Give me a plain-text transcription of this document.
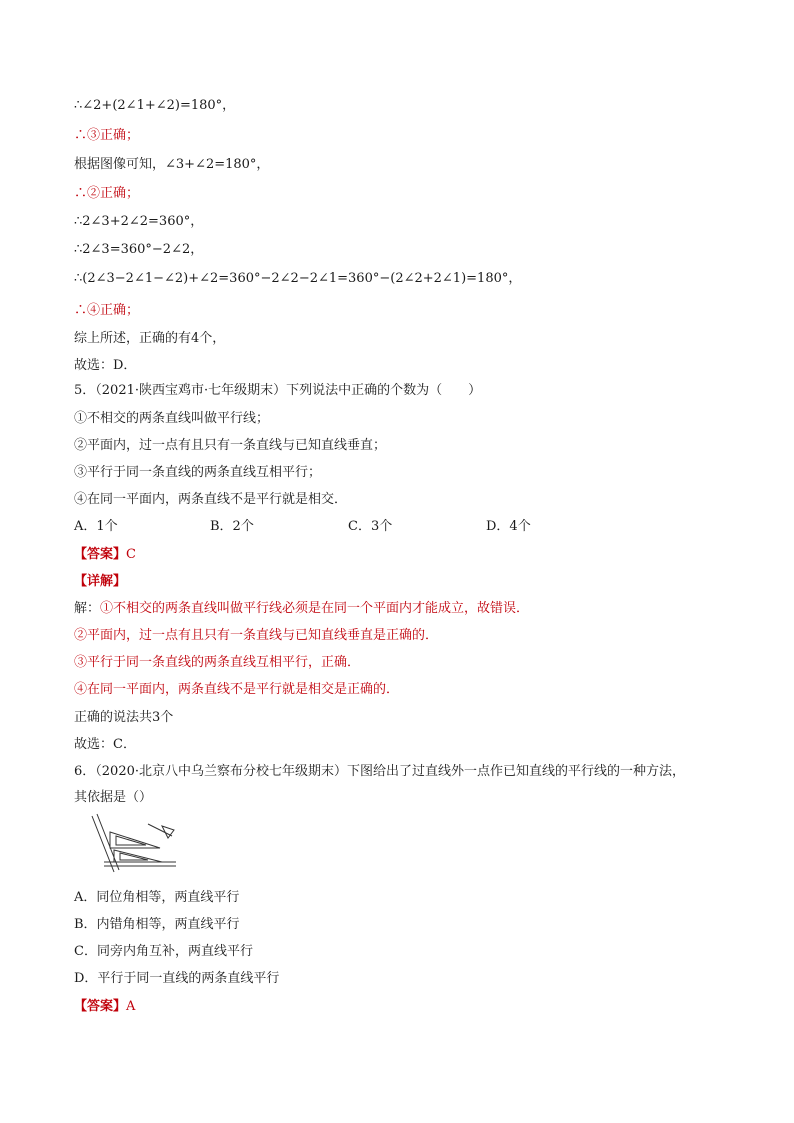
∴∠2+(2∠1+∠2)=180°，
∴③正确；
根据图像可知，∠3+∠2=180°，
∴②正确；
∴2∠3+2∠2=360°，
∴2∠3=360°−2∠2，
∴(2∠3−2∠1−∠2)+∠2=360°−2∠2−2∠1=360°−(2∠2+2∠1)=180°，
∴④正确；
综上所述，正确的有4个，
故选：D．
5．（2021·陕西宝鸡市·七年级期末）下列说法中正确的个数为（　　）
①不相交的两条直线叫做平行线；
②平面内，过一点有且只有一条直线与已知直线垂直；
③平行于同一条直线的两条直线互相平行；
④在同一平面内，两条直线不是平行就是相交．
A．1个	B．2个	C．3个	D．4个
【答案】C
【详解】
解：①不相交的两条直线叫做平行线必须是在同一个平面内才能成立，故错误．
②平面内，过一点有且只有一条直线与已知直线垂直是正确的．
③平行于同一条直线的两条直线互相平行，正确．
④在同一平面内，两条直线不是平行就是相交是正确的．
正确的说法共3个
故选：C．
6．（2020·北京八中乌兰察布分校七年级期末）下图给出了过直线外一点作已知直线的平行线的一种方法，
其依据是（）
A．同位角相等，两直线平行
B．内错角相等，两直线平行
C．同旁内角互补，两直线平行
D．平行于同一直线的两条直线平行
【答案】A
